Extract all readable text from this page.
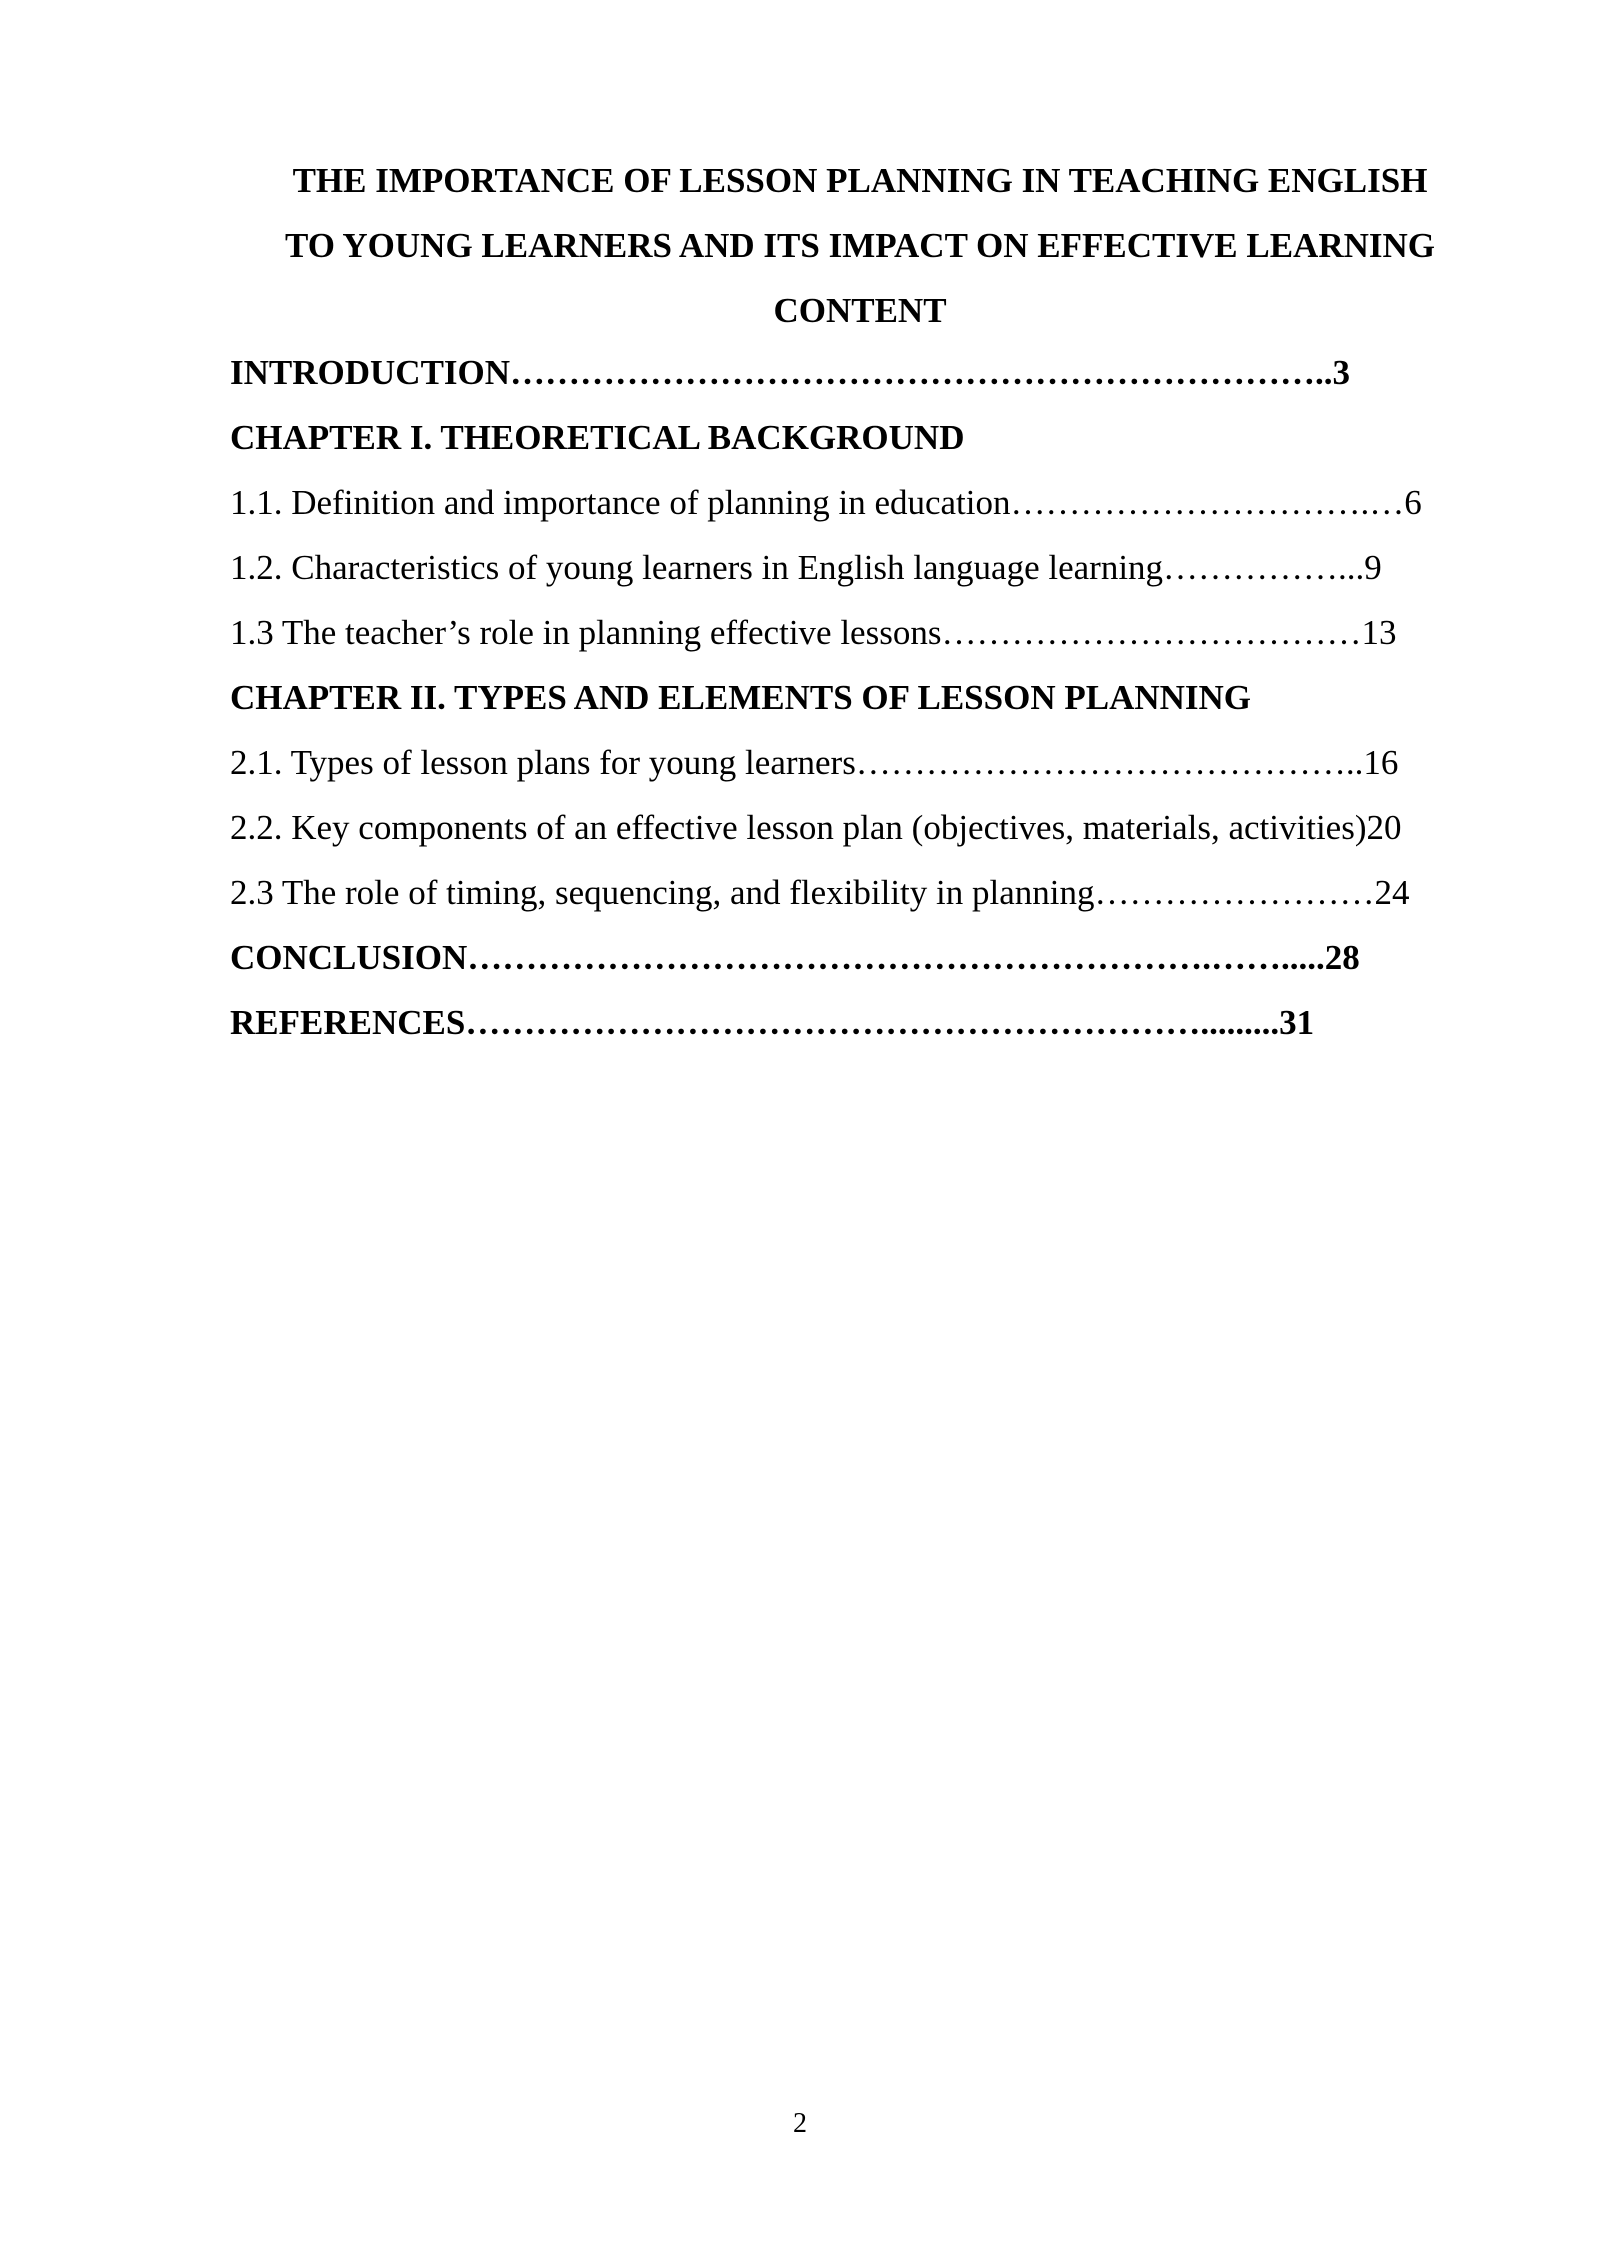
THE IMPORTANCE OF LESSON PLANNING IN TEACHING ENGLISH
TO YOUNG LEARNERS AND ITS IMPACT ON EFFECTIVE LEARNING
CONTENT
INTRODUCTION……………………………………………………………..3
CHAPTER I. THEORETICAL BACKGROUND
1.1. Definition and importance of planning in education………………………….…6
1.2. Characteristics of young learners in English language learning……………...9
1.3 The teacher’s role in planning effective lessons………………………………13
CHAPTER II. TYPES AND ELEMENTS OF LESSON PLANNING
2.1. Types of lesson plans for young learners……………………………………..16
2.2. Key components of an effective lesson plan (objectives, materials, activities)20
2.3 The role of timing, sequencing, and flexibility in planning……………………24
CONCLUSION……………………………………………………….…….....28
REFERENCES……………………………………………………….........31
2
